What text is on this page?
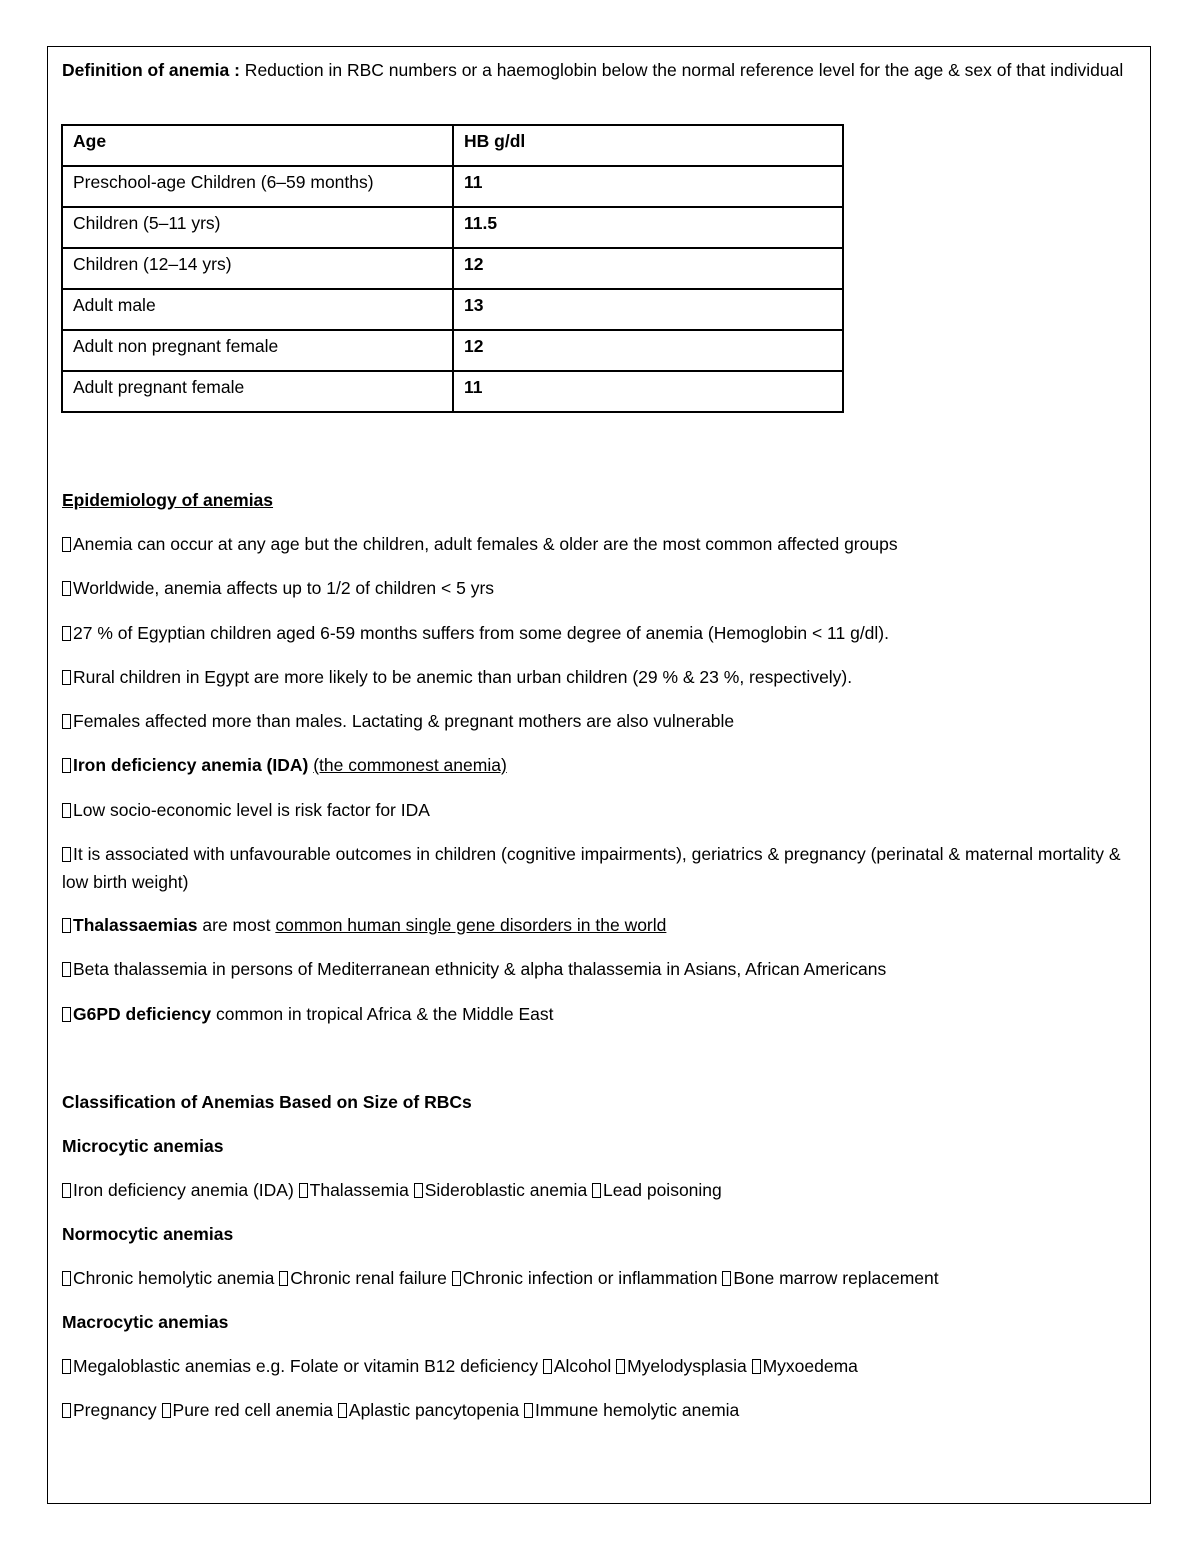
Definition of anemia : Reduction in RBC numbers or a haemoglobin below the normal reference level for the age & sex of that individual

Age	HB g/dl
Preschool-age Children (6–59 months)	11
Children (5–11 yrs)	11.5
Children (12–14 yrs)	12
Adult male	13
Adult non pregnant female	12
Adult pregnant female	11
Epidemiology of anemias
Anemia can occur at any age but the children, adult females & older are the most common affected groups
Worldwide, anemia affects up to 1/2 of children < 5 yrs
27 % of Egyptian children aged 6-59 months suffers from some degree of anemia (Hemoglobin < 11 g/dl).
Rural children in Egypt are more likely to be anemic than urban children (29 % & 23 %, respectively).
Females affected more than males. Lactating & pregnant mothers are also vulnerable
Iron deficiency anemia (IDA) (the commonest anemia)
Low socio-economic level is risk factor for IDA
It is associated with unfavourable outcomes in children (cognitive impairments), geriatrics & pregnancy (perinatal & maternal mortality & low birth weight)
Thalassaemias are most common human single gene disorders in the world
Beta thalassemia in persons of Mediterranean ethnicity & alpha thalassemia in Asians, African Americans
G6PD deficiency common in tropical Africa & the Middle East
Classification of Anemias Based on Size of RBCs
Microcytic anemias
Iron deficiency anemia (IDA) Thalassemia Sideroblastic anemia Lead poisoning
Normocytic anemias
Chronic hemolytic anemia Chronic renal failure Chronic infection or inflammation Bone marrow replacement
Macrocytic anemias
Megaloblastic anemias e.g. Folate or vitamin B12 deficiency Alcohol Myelodysplasia Myxoedema
Pregnancy Pure red cell anemia Aplastic pancytopenia Immune hemolytic anemia
